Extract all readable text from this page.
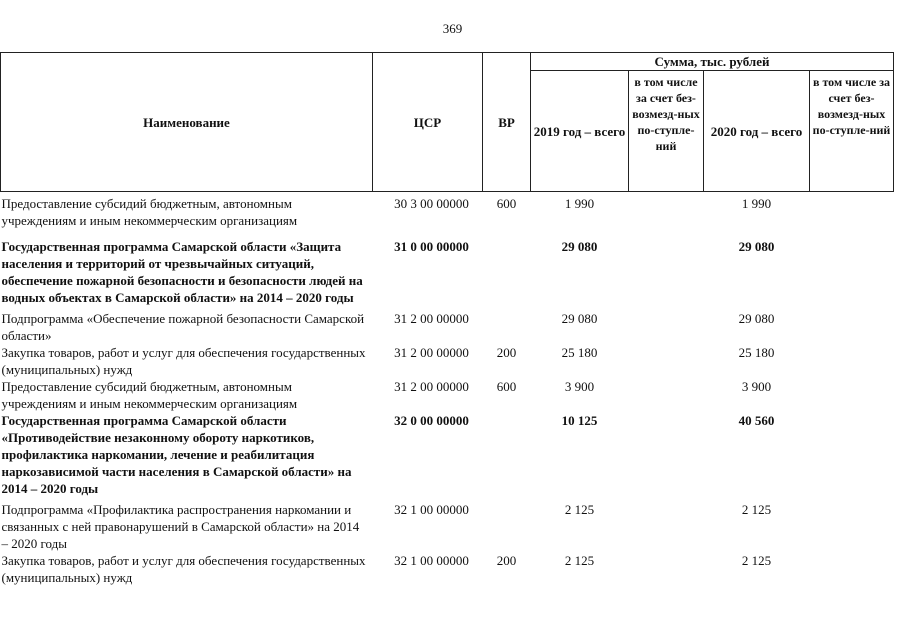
369
Наименование	ЦСР	ВР	Сумма, тыс. рублей			
			2019 год – всего	в том числе за счет без-возмезд-ных по-ступле-ний	2020 год – всего	в том числе за счет без-возмезд-ных по-ступле-ний
Предоставление субсидий бюджетным, автономным учреждениям и иным некоммерческим организациям	30 3 00 00000	600	1 990		1 990	
Государственная программа Самарской области «Защита населения и территорий от чрезвычайных ситуаций, обеспечение пожарной безопасности и безопасности людей на водных объектах в Самарской области» на 2014 – 2020 годы	31 0 00 00000		29 080		29 080	
Подпрограмма «Обеспечение пожарной безопасности Самарской области»	31 2 00 00000		29 080		29 080	
Закупка товаров, работ и услуг для обеспечения государственных (муниципальных) нужд	31 2 00 00000	200	25 180		25 180	
Предоставление субсидий бюджетным, автономным учреждениям и иным некоммерческим организациям	31 2 00 00000	600	3 900		3 900	
Государственная программа Самарской области «Противодействие незаконному обороту наркотиков, профилактика наркомании, лечение и реабилитация наркозависимой части населения в Самарской области» на 2014 – 2020 годы	32 0 00 00000		10 125		40 560	
Подпрограмма «Профилактика распространения наркомании и связанных с ней правонарушений в Самарской области» на 2014 – 2020 годы	32 1 00 00000		2 125		2 125	
Закупка товаров, работ и услуг для обеспечения государственных (муниципальных) нужд	32 1 00 00000	200	2 125		2 125	
